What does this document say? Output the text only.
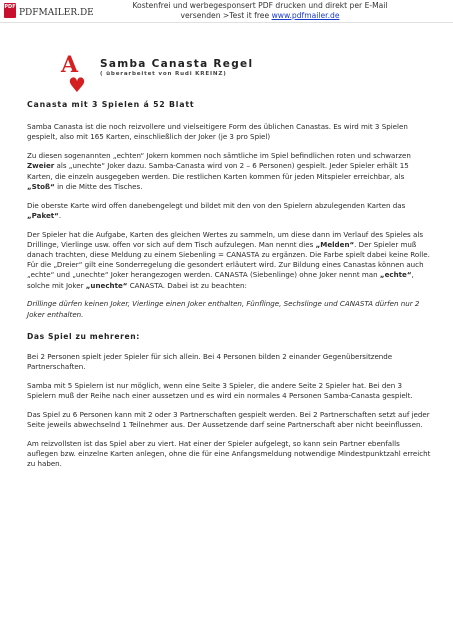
PDF
PDFMAILER.DE
Kostenfrei und werbegesponsert PDF drucken und direkt per E-Mail
versenden >Test it free www.pdfmailer.de
A
♥
Samba Canasta Regel
( überarbeitet von Rudi KREINZ)
Canasta mit 3 Spielen á 52 Blatt

Samba Canasta ist die noch reizvollere und vielseitigere Form des üblichen Canastas. Es wird mit 3 Spielen gespielt, also mit 165 Karten, einschließlich der Joker (je 3 pro Spiel)

Zu diesen sogenannten „echten“ Jokern kommen noch sämtliche im Spiel befindlichen roten und schwarzen Zweier als „unechte“ Joker dazu. Samba-Canasta wird von 2 – 6 Personen) gespielt. Jeder Spieler erhält 15 Karten, die einzeln ausgegeben werden. Die restlichen Karten kommen für jeden Mitspieler erreichbar, als „Stoß“ in die Mitte des Tisches.

Die oberste Karte wird offen danebengelegt und bildet mit den von den Spielern abzulegenden Karten das „Paket“.

Der Spieler hat die Aufgabe, Karten des gleichen Wertes zu sammeln, um diese dann im Verlauf des Spieles als Drillinge, Vierlinge usw. offen vor sich auf dem Tisch aufzulegen. Man nennt dies „Melden“. Der Spieler muß danach trachten, diese Meldung zu einem Siebenling = CANASTA zu ergänzen. Die Farbe spielt dabei keine Rolle. Für die „Dreier“ gilt eine Sonderregelung die gesondert erläutert wird. Zur Bildung eines Canastas können auch „echte“ und „unechte“ Joker herangezogen werden. CANASTA (Siebenlinge) ohne Joker nennt man „echte“, solche mit Joker „unechte“ CANASTA. Dabei ist zu beachten:

Drillinge dürfen keinen Joker, Vierlinge einen Joker enthalten, Fünflinge, Sechslinge und CANASTA dürfen nur 2 Joker enthalten.

Das Spiel zu mehreren:

Bei 2 Personen spielt jeder Spieler für sich allein. Bei 4 Personen bilden 2 einander Gegenübersitzende Partnerschaften.

Samba mit 5 Spielern ist nur möglich, wenn eine Seite 3 Spieler, die andere Seite 2 Spieler hat. Bei den 3 Spielern muß der Reihe nach einer aussetzen und es wird ein normales 4 Personen Samba-Canasta gespielt.

Das Spiel zu 6 Personen kann mit 2 oder 3 Partnerschaften gespielt werden. Bei 2 Partnerschaften setzt auf jeder Seite jeweils abwechselnd 1 Teilnehmer aus. Der Aussetzende darf seine Partnerschaft aber nicht beeinflussen.

Am reizvollsten ist das Spiel aber zu viert. Hat einer der Spieler aufgelegt, so kann sein Partner ebenfalls auflegen bzw. einzelne Karten anlegen, ohne die für eine Anfangsmeldung notwendige Mindestpunktzahl erreicht zu haben.
